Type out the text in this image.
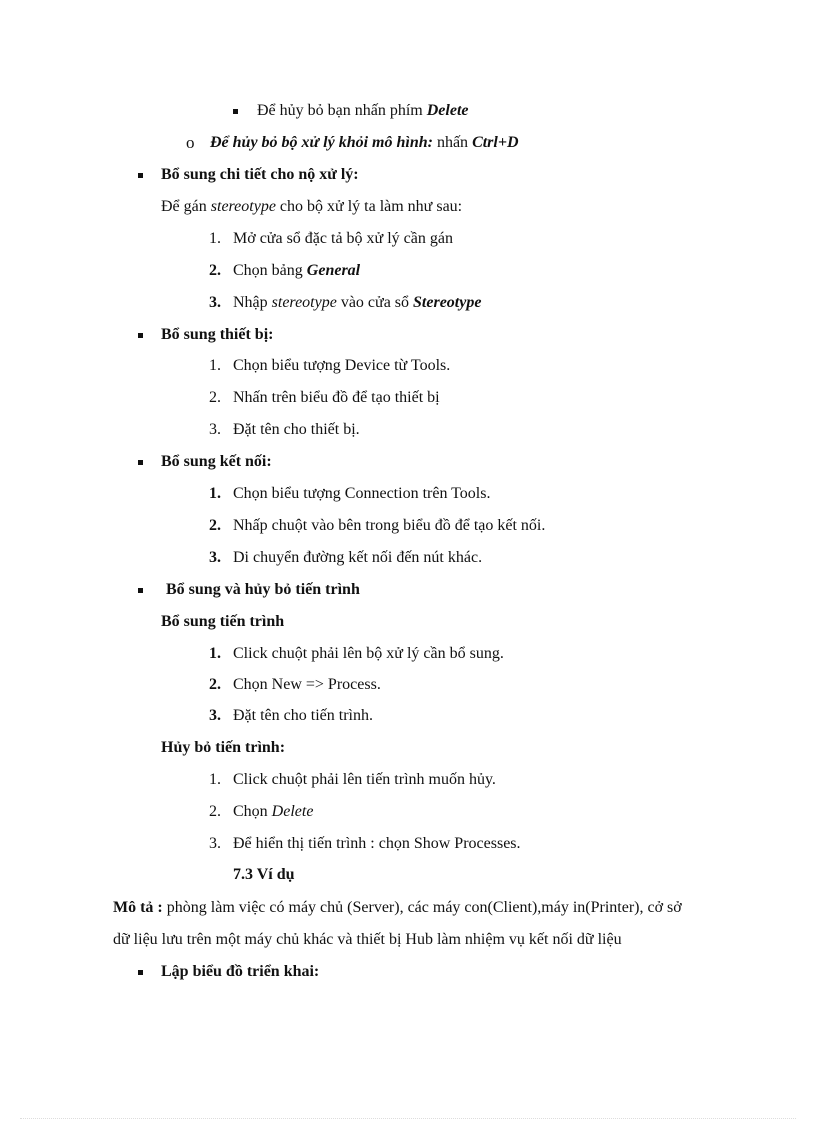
Để hủy bỏ bạn nhấn phím Delete
o Để hủy bỏ bộ xử lý khỏi mô hình: nhấn Ctrl+D
Bổ sung chi tiết cho nộ xử lý:
Để gán stereotype cho bộ xử lý ta làm như sau:
1. Mở cửa sổ đặc tả bộ xử lý cần gán
2. Chọn bảng General
3. Nhập stereotype vào cửa sổ Stereotype
Bổ sung thiết bị:
1. Chọn biểu tượng Device từ Tools.
2. Nhấn trên biểu đồ để tạo thiết bị
3. Đặt tên cho thiết bị.
Bổ sung kết nối:
1. Chọn biểu tượng Connection trên Tools.
2. Nhấp chuột vào bên trong biểu đồ để tạo kết nối.
3. Di chuyển đường kết nối đến nút khác.
Bổ sung và hủy bỏ tiến trình
Bổ sung tiến trình
1. Click chuột phải lên bộ xử lý cần bổ sung.
2. Chọn New => Process.
3. Đặt tên cho tiến trình.
Hủy bỏ tiến trình:
1. Click chuột phải lên tiến trình muốn hủy.
2. Chọn Delete
3. Để hiển thị tiến trình : chọn Show Processes.
7.3 Ví dụ
Mô tả : phòng làm việc có máy chủ (Server), các máy con(Client),máy in(Printer), cở sở
dữ liệu lưu trên một máy chủ khác và thiết bị Hub làm nhiệm vụ kết nối dữ liệu
Lập biểu đồ triển khai:
